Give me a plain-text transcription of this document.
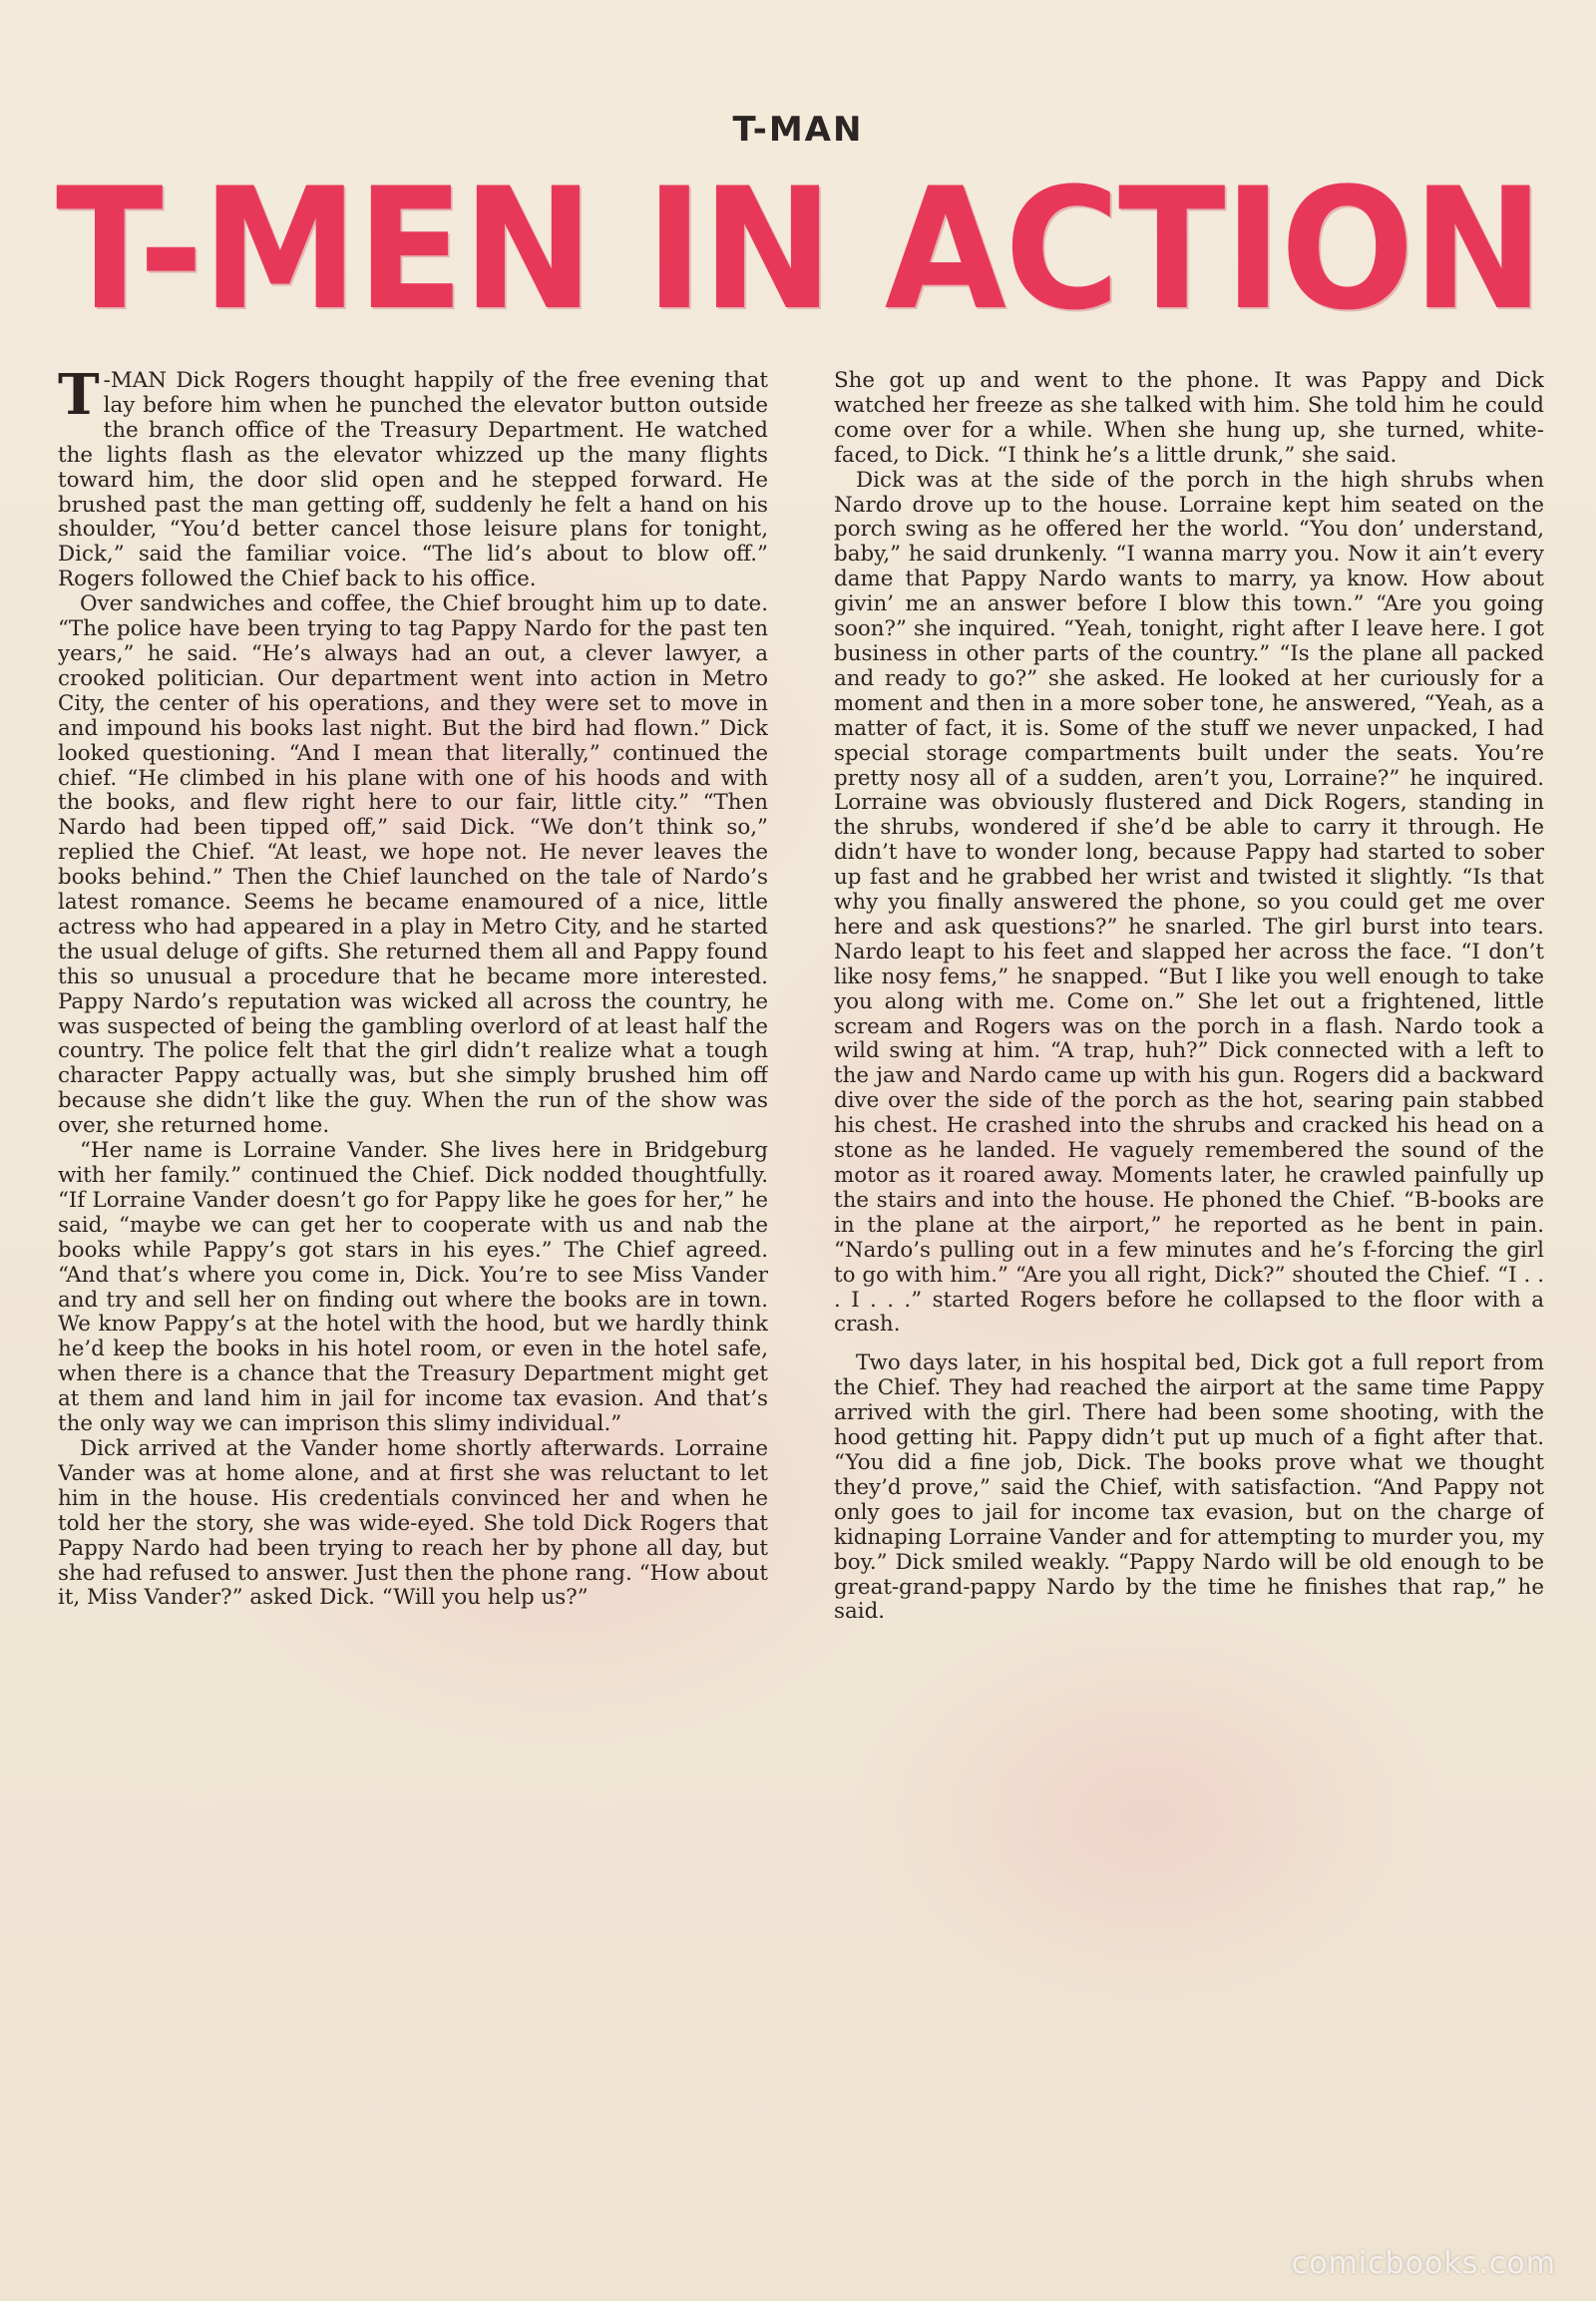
T-MAN
T-MEN IN ACTION

T -MAN Dick Rogers thought happily of the free evening that lay before him when he punched the elevator button outside the branch office of the Treasury Department. He watched the lights flash as the elevator whizzed up the many flights toward him, the door slid open and he stepped forward. He brushed past the man getting off, suddenly he felt a hand on his shoulder, “You’d better cancel those leisure plans for tonight, Dick,” said the familiar voice. “The lid’s about to blow off.” Rogers followed the Chief back to his office.

Over sandwiches and coffee, the Chief brought him up to date. “The police have been trying to tag Pappy Nardo for the past ten years,” he said. “He’s always had an out, a clever lawyer, a crooked politician. Our department went into action in Metro City, the center of his operations, and they were set to move in and impound his books last night. But the bird had flown.” Dick looked questioning. “And I mean that literally,” continued the chief. “He climbed in his plane with one of his hoods and with the books, and flew right here to our fair, little city.” “Then Nardo had been tipped off,” said Dick. “We don’t think so,” replied the Chief. “At least, we hope not. He never leaves the books behind.” Then the Chief launched on the tale of Nardo’s latest romance. Seems he became enamoured of a nice, little actress who had appeared in a play in Metro City, and he started the usual deluge of gifts. She returned them all and Pappy found this so unusual a procedure that he became more interested. Pappy Nardo’s reputation was wicked all across the country, he was suspected of being the gambling overlord of at least half the country. The police felt that the girl didn’t realize what a tough character Pappy actually was, but she simply brushed him off because she didn’t like the guy. When the run of the show was over, she returned home.

“Her name is Lorraine Vander. She lives here in Bridgeburg with her family.” continued the Chief. Dick nodded thoughtfully. “If Lorraine Vander doesn’t go for Pappy like he goes for her,” he said, “maybe we can get her to cooperate with us and nab the books while Pappy’s got stars in his eyes.” The Chief agreed. “And that’s where you come in, Dick. You’re to see Miss Vander and try and sell her on finding out where the books are in town. We know Pappy’s at the hotel with the hood, but we hardly think he’d keep the books in his hotel room, or even in the hotel safe, when there is a chance that the Treasury Department might get at them and land him in jail for income tax evasion. And that’s the only way we can imprison this slimy individual.”

Dick arrived at the Vander home shortly afterwards. Lorraine Vander was at home alone, and at first she was reluctant to let him in the house. His credentials convinced her and when he told her the story, she was wide-eyed. She told Dick Rogers that Pappy Nardo had been trying to reach her by phone all day, but she had refused to answer. Just then the phone rang. “How about it, Miss Vander?” asked Dick. “Will you help us?”

She got up and went to the phone. It was Pappy and Dick watched her freeze as she talked with him. She told him he could come over for a while. When she hung up, she turned, white-faced, to Dick. “I think he’s a little drunk,” she said.

Dick was at the side of the porch in the high shrubs when Nardo drove up to the house. Lorraine kept him seated on the porch swing as he offered her the world. “You don’ understand, baby,” he said drunkenly. “I wanna marry you. Now it ain’t every dame that Pappy Nardo wants to marry, ya know. How about givin’ me an answer before I blow this town.” “Are you going soon?” she inquired. “Yeah, tonight, right after I leave here. I got business in other parts of the country.” “Is the plane all packed and ready to go?” she asked. He looked at her curiously for a moment and then in a more sober tone, he answered, “Yeah, as a matter of fact, it is. Some of the stuff we never unpacked, I had special storage compartments built under the seats. You’re pretty nosy all of a sudden, aren’t you, Lorraine?” he inquired. Lorraine was obviously flustered and Dick Rogers, standing in the shrubs, wondered if she’d be able to carry it through. He didn’t have to wonder long, because Pappy had started to sober up fast and he grabbed her wrist and twisted it slightly. “Is that why you finally answered the phone, so you could get me over here and ask questions?” he snarled. The girl burst into tears. Nardo leapt to his feet and slapped her across the face. “I don’t like nosy fems,” he snapped. “But I like you well enough to take you along with me. Come on.” She let out a frightened, little scream and Rogers was on the porch in a flash. Nardo took a wild swing at him. “A trap, huh?” Dick connected with a left to the jaw and Nardo came up with his gun. Rogers did a backward dive over the side of the porch as the hot, searing pain stabbed his chest. He crashed into the shrubs and cracked his head on a stone as he landed. He vaguely remembered the sound of the motor as it roared away. Moments later, he crawled painfully up the stairs and into the house. He phoned the Chief. “B-books are in the plane at the airport,” he reported as he bent in pain. “Nardo’s pulling out in a few minutes and he’s f-forcing the girl to go with him.” “Are you all right, Dick?” shouted the Chief. “I . . . I . . .” started Rogers before he collapsed to the floor with a crash.

Two days later, in his hospital bed, Dick got a full report from the Chief. They had reached the airport at the same time Pappy arrived with the girl. There had been some shooting, with the hood getting hit. Pappy didn’t put up much of a fight after that. “You did a fine job, Dick. The books prove what we thought they’d prove,” said the Chief, with satisfaction. “And Pappy not only goes to jail for income tax evasion, but on the charge of kidnaping Lorraine Vander and for attempting to murder you, my boy.” Dick smiled weakly. “Pappy Nardo will be old enough to be great-grand-pappy Nardo by the time he finishes that rap,” he said.

comicbooks.com
